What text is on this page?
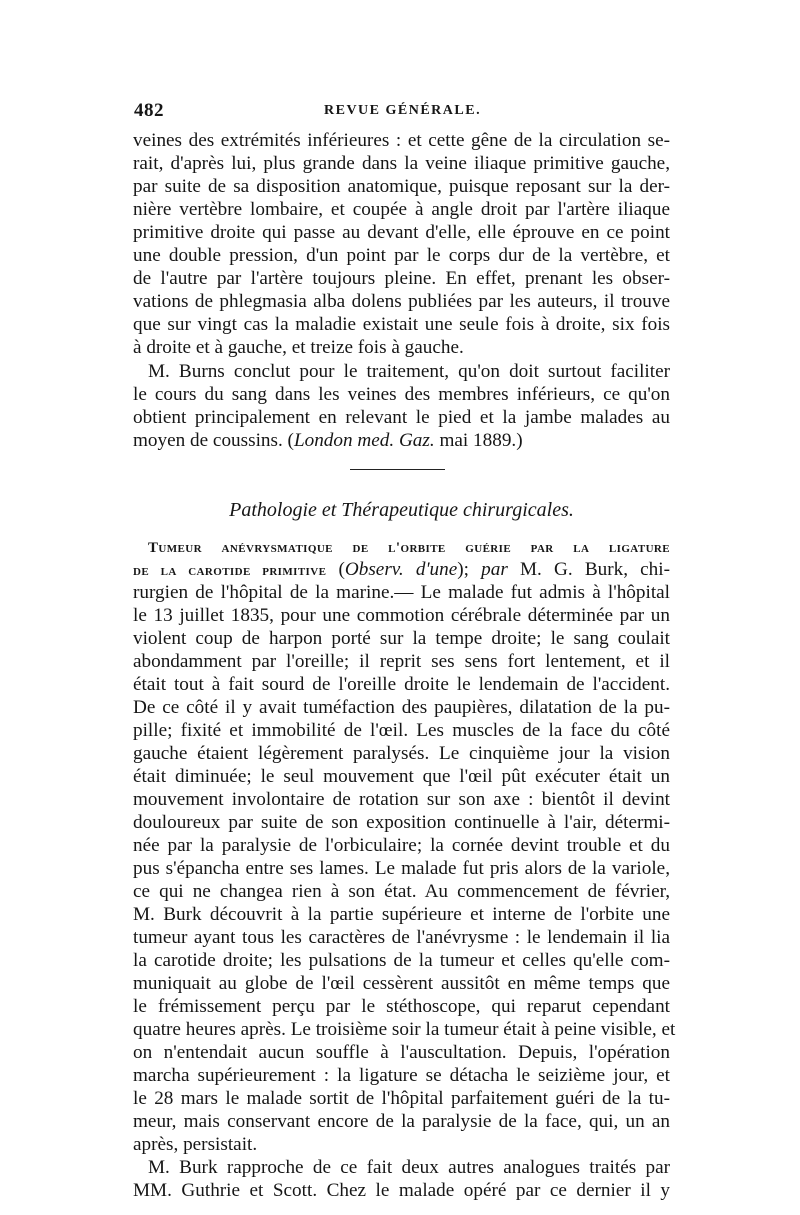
482	REVUE GÉNÉRALE.
veines des extrémités inférieures : et cette gêne de la circulation se-
rait, d'après lui, plus grande dans la veine iliaque primitive gauche,
par suite de sa disposition anatomique, puisque reposant sur la der-
nière vertèbre lombaire, et coupée à angle droit par l'artère iliaque
primitive droite qui passe au devant d'elle, elle éprouve en ce point
une double pression, d'un point par le corps dur de la vertèbre, et
de l'autre par l'artère toujours pleine. En effet, prenant les obser-
vations de phlegmasia alba dolens publiées par les auteurs, il trouve
que sur vingt cas la maladie existait une seule fois à droite, six fois
à droite et à gauche, et treize fois à gauche.
M. Burns conclut pour le traitement, qu'on doit surtout faciliter
le cours du sang dans les veines des membres inférieurs, ce qu'on
obtient principalement en relevant le pied et la jambe malades au
moyen de coussins. (London med. Gaz. mai 1889.)
Pathologie et Thérapeutique chirurgicales.
Tumeur anévrysmatique de l'orbite guérie par la ligature
de la carotide primitive (Observ. d'une); par M. G. Burk, chi-
rurgien de l'hôpital de la marine.— Le malade fut admis à l'hôpital
le 13 juillet 1835, pour une commotion cérébrale déterminée par un
violent coup de harpon porté sur la tempe droite; le sang coulait
abondamment par l'oreille; il reprit ses sens fort lentement, et il
était tout à fait sourd de l'oreille droite le lendemain de l'accident.
De ce côté il y avait tuméfaction des paupières, dilatation de la pu-
pille; fixité et immobilité de l'œil. Les muscles de la face du côté
gauche étaient légèrement paralysés. Le cinquième jour la vision
était diminuée; le seul mouvement que l'œil pût exécuter était un
mouvement involontaire de rotation sur son axe : bientôt il devint
douloureux par suite de son exposition continuelle à l'air, détermi-
née par la paralysie de l'orbiculaire; la cornée devint trouble et du
pus s'épancha entre ses lames. Le malade fut pris alors de la variole,
ce qui ne changea rien à son état. Au commencement de février,
M. Burk découvrit à la partie supérieure et interne de l'orbite une
tumeur ayant tous les caractères de l'anévrysme : le lendemain il lia
la carotide droite; les pulsations de la tumeur et celles qu'elle com-
muniquait au globe de l'œil cessèrent aussitôt en même temps que
le frémissement perçu par le stéthoscope, qui reparut cependant
quatre heures après. Le troisième soir la tumeur était à peine visible, et
on n'entendait aucun souffle à l'auscultation. Depuis, l'opération
marcha supérieurement : la ligature se détacha le seizième jour, et
le 28 mars le malade sortit de l'hôpital parfaitement guéri de la tu-
meur, mais conservant encore de la paralysie de la face, qui, un an
après, persistait.
M. Burk rapproche de ce fait deux autres analogues traités par
MM. Guthrie et Scott. Chez le malade opéré par ce dernier il y
